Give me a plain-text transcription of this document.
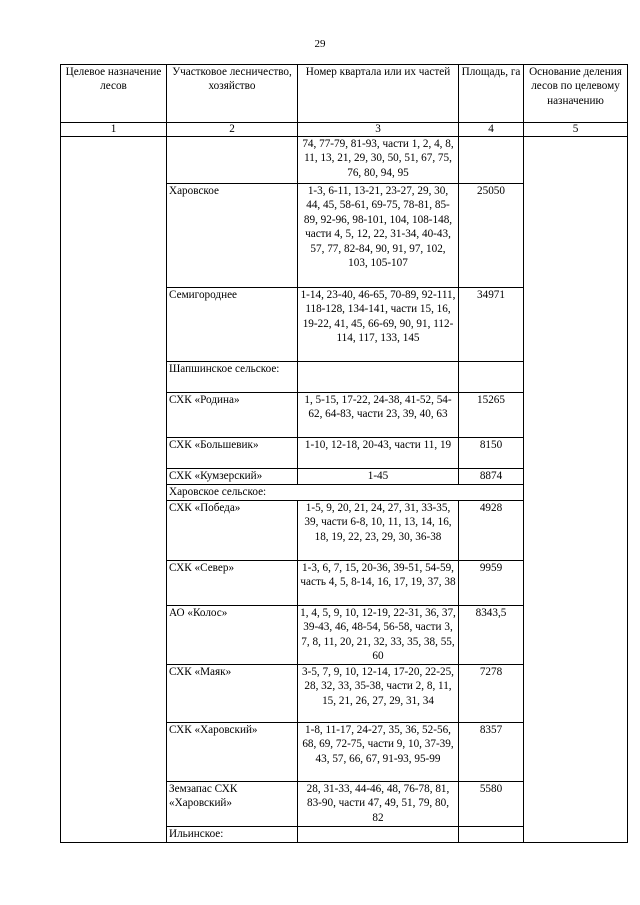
29
Целевое назначение лесов	Участковое лесничество, хозяйство	Номер квартала или их частей	Площадь, га	Основание деления лесов по целевому назначению
1	2	3	4	5
		74, 77-79, 81-93, части 1, 2, 4, 8, 11, 13, 21, 29, 30, 50, 51, 67, 75, 76, 80, 94, 95		
	Харовское	1-3, 6-11, 13-21, 23-27, 29, 30, 44, 45, 58-61, 69-75, 78-81, 85-89, 92-96, 98-101, 104, 108-148, части 4, 5, 12, 22, 31-34, 40-43, 57, 77, 82-84, 90, 91, 97, 102, 103, 105-107	25050	
	Семигороднее	1-14, 23-40, 46-65, 70-89, 92-111, 118-128, 134-141, части 15, 16, 19-22, 41, 45, 66-69, 90, 91, 112-114, 117, 133, 145	34971	
	Шапшинское сельское:			
	СХК «Родина»	1, 5-15, 17-22, 24-38, 41-52, 54-62, 64-83, части 23, 39, 40, 63	15265	
	СХК «Большевик»	1-10, 12-18, 20-43, части 11, 19	8150	
	СХК «Кумзерский»	1-45	8874	
	Харовское сельское:			
	СХК «Победа»	1-5, 9, 20, 21, 24, 27, 31, 33-35, 39, части 6-8, 10, 11, 13, 14, 16, 18, 19, 22, 23, 29, 30, 36-38	4928	
	СХК «Север»	1-3, 6, 7, 15, 20-36, 39-51, 54-59, часть 4, 5, 8-14, 16, 17, 19, 37, 38	9959	
	АО «Колос»	1, 4, 5, 9, 10, 12-19, 22-31, 36, 37, 39-43, 46, 48-54, 56-58, части 3, 7, 8, 11, 20, 21, 32, 33, 35, 38, 55, 60	8343,5	
	СХК «Маяк»	3-5, 7, 9, 10, 12-14, 17-20, 22-25, 28, 32, 33, 35-38, части 2, 8, 11, 15, 21, 26, 27, 29, 31, 34	7278	
	СХК «Харовский»	1-8, 11-17, 24-27, 35, 36, 52-56, 68, 69, 72-75, части 9, 10, 37-39, 43, 57, 66, 67, 91-93, 95-99	8357	
	Земзапас СХК «Харовский»	28, 31-33, 44-46, 48, 76-78, 81, 83-90, части 47, 49, 51, 79, 80, 82	5580	
	Ильинское:			
